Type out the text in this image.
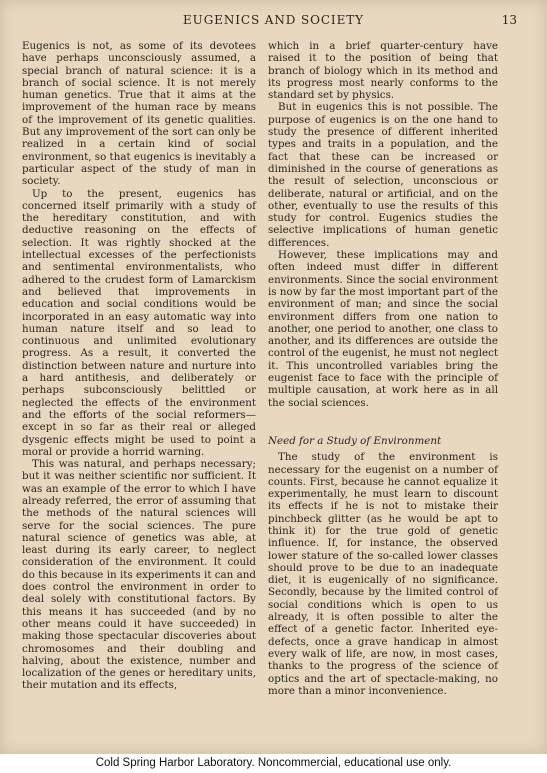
EUGENICS AND SOCIETY	13

Eugenics is not, as some of its devotees have perhaps unconsciously assumed, a special branch of natural science: it is a branch of social science. It is not merely human genetics. True that it aims at the improvement of the human race by means of the improvement of its genetic qualities. But any improvement of the sort can only be realized in a certain kind of social environment, so that eugenics is inevitably a particular aspect of the study of man in society.

Up to the present, eugenics has concerned itself primarily with a study of the hereditary constitution, and with deductive reasoning on the effects of selection. It was rightly shocked at the intellectual excesses of the perfectionists and sentimental environmentalists, who adhered to the crudest form of Lamarckism and believed that improvements in education and social conditions would be incorporated in an easy automatic way into human nature itself and so lead to continuous and unlimited evolutionary progress. As a result, it converted the distinction between nature and nurture into a hard antithesis, and deliberately or perhaps subconsciously belittled or neglected the effects of the environment and the efforts of the social reformers—except in so far as their real or alleged dysgenic effects might be used to point a moral or provide a horrid warning.

This was natural, and perhaps necessary; but it was neither scientific nor sufficient. It was an example of the error to which I have already referred, the error of assuming that the methods of the natural sciences will serve for the social sciences. The pure natural science of genetics was able, at least during its early career, to neglect consideration of the environment. It could do this because in its experiments it can and does control the environment in order to deal solely with constitutional factors. By this means it has succeeded (and by no other means could it have succeeded) in making those spectacular discoveries about chromosomes and their doubling and halving, about the existence, number and localization of the genes or hereditary units, their mutation and its effects,

which in a brief quarter-century have raised it to the position of being that branch of biology which in its method and its progress most nearly conforms to the standard set by physics.

But in eugenics this is not possible. The purpose of eugenics is on the one hand to study the presence of different inherited types and traits in a population, and the fact that these can be increased or diminished in the course of generations as the result of selection, unconscious or deliberate, natural or artificial, and on the other, eventually to use the results of this study for control. Eugenics studies the selective implications of human genetic differences.

However, these implications may and often indeed must differ in different environments. Since the social environment is now by far the most important part of the environment of man; and since the social environment differs from one nation to another, one period to another, one class to another, and its differences are outside the control of the eugenist, he must not neglect it. This uncontrolled variables bring the eugenist face to face with the principle of multiple causation, at work here as in all the social sciences.

Need for a Study of Environment

The study of the environment is necessary for the eugenist on a number of counts. First, because he cannot equalize it experimentally, he must learn to discount its effects if he is not to mistake their pinchbeck glitter (as he would be apt to think it) for the true gold of genetic influence. If, for instance, the observed lower stature of the so-called lower classes should prove to be due to an inadequate diet, it is eugenically of no significance. Secondly, because by the limited control of social conditions which is open to us already, it is often possible to alter the effect of a genetic factor. Inherited eye-defects, once a grave handicap in almost every walk of life, are now, in most cases, thanks to the progress of the science of optics and the art of spectacle-making, no more than a minor inconvenience.

Cold Spring Harbor Laboratory. Noncommercial, educational use only.
